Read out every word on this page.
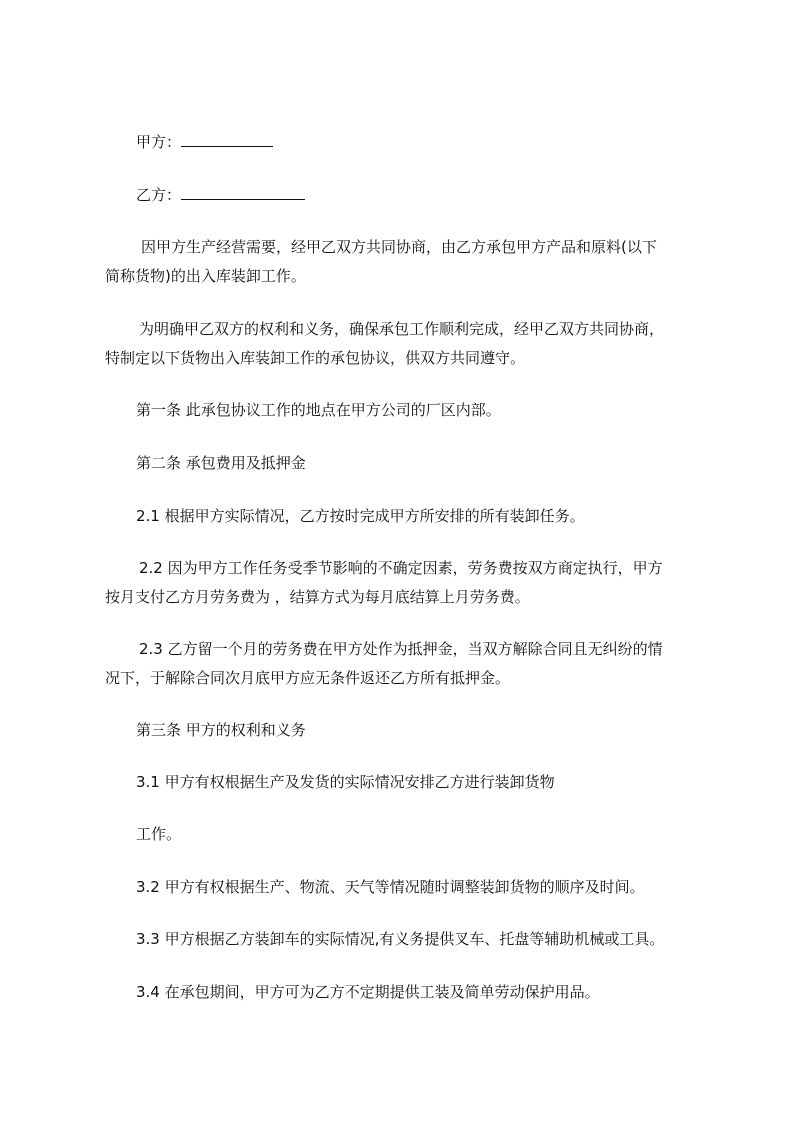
甲方：

乙方：

因甲方生产经营需要，经甲乙双方共同协商，由乙方承包甲方产品和原料(以下

简称货物)的出入库装卸工作。

为明确甲乙双方的权利和义务，确保承包工作顺利完成，经甲乙双方共同协商，

特制定以下货物出入库装卸工作的承包协议，供双方共同遵守。

第一条 此承包协议工作的地点在甲方公司的厂区内部。

第二条 承包费用及抵押金

2.1 根据甲方实际情况，乙方按时完成甲方所安排的所有装卸任务。

2.2 因为甲方工作任务受季节影响的不确定因素，劳务费按双方商定执行，甲方

按月支付乙方月劳务费为 ，结算方式为每月底结算上月劳务费。

2.3 乙方留一个月的劳务费在甲方处作为抵押金，当双方解除合同且无纠纷的情

况下，于解除合同次月底甲方应无条件返还乙方所有抵押金。

第三条 甲方的权利和义务

3.1 甲方有权根据生产及发货的实际情况安排乙方进行装卸货物

工作。

3.2 甲方有权根据生产、物流、天气等情况随时调整装卸货物的顺序及时间。

3.3 甲方根据乙方装卸车的实际情况,有义务提供叉车、托盘等辅助机械或工具。

3.4 在承包期间，甲方可为乙方不定期提供工装及简单劳动保护用品。
